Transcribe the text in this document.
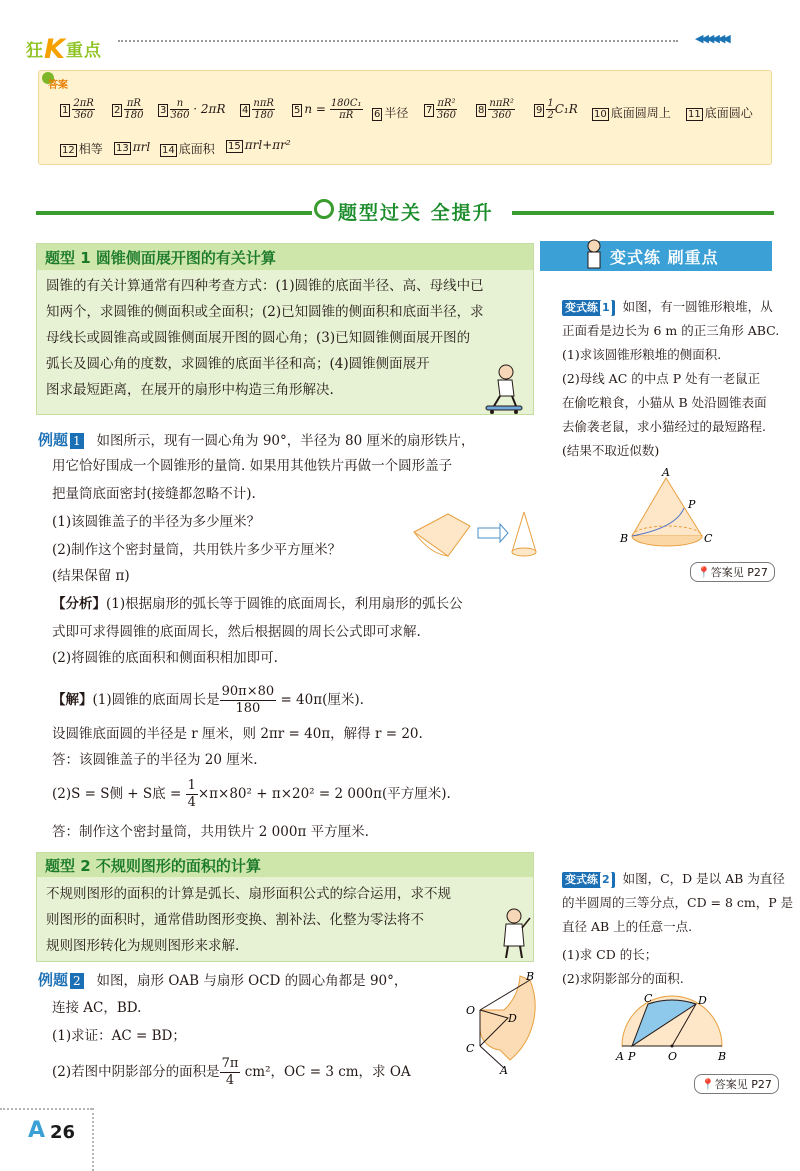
狂K重点
◀◀◀◀◀◀
答案
$1 \frac{2\pi R}{360} 2 \frac{\pi R}{180} 3 \frac{n}{360} \cdot 2\pi R$ $4 \frac{\text{nπR}}{180} 5$ $n = \frac{\text{180C₁}}{\pi R} 6$ 半径 $7 \frac{\text{πR²}}{360} 8 \frac{\text{nπR²}}{360} 9 \frac{1}{2}C_1R$ 10 底面圆周上 11 底面圆心
12 相等 13 πrl 14 底面积 15 πrl+πr²
题型过关 全提升
题型 1 圆锥侧面展开图的有关计算
圆锥的有关计算通常有四种考查方式：(1)圆锥的底面半径、高、母线中已
知两个，求圆锥的侧面积或全面积；(2)已知圆锥的侧面积和底面半径，求
母线长或圆锥高或圆锥侧面展开图的圆心角；(3)已知圆锥侧面展开图的
弧长及圆心角的度数，求圆锥的底面半径和高；(4)圆锥侧面展开
图求最短距离，在展开的扇形中构造三角形解决.
例题 1 如图所示，现有一圆心角为 90°，半径为 80 厘米的扇形铁片，
用它恰好围成一个圆锥形的量筒. 如果用其他铁片再做一个圆形盖子
把量筒底面密封(接缝都忽略不计).
(1)该圆锥盖子的半径为多少厘米？
(2)制作这个密封量筒，共用铁片多少平方厘米？
(结果保留 π)
【分析】(1)根据扇形的弧长等于圆锥的底面周长，利用扇形的弧长公
式即可求得圆锥的底面周长，然后根据圆的周长公式即可求解.
(2)将圆锥的底面积和侧面积相加即可.
【解】(1)圆锥的底面周长是 $\frac{90\pi\times 80}{180} = 40\pi$(厘米).
设圆锥底面圆的半径是 r 厘米，则 2πr = 40π，解得 r = 20.
答：该圆锥盖子的半径为 20 厘米.
(2)S = S侧 + S底 = $\frac{1}{4}\times\pi\times 80^2 + \pi\times 20^2 = 2$ 000π(平方厘米).
答：制作这个密封量筒，共用铁片 2 000π 平方厘米.
题型 2 不规则图形的面积的计算
不规则图形的面积的计算是弧长、扇形面积公式的综合运用，求不规
则图形的面积时，通常借助图形变换、割补法、化整为零法将不
规则图形转化为规则图形来求解.
例题 2 如图，扇形 OAB 与扇形 OCD 的圆心角都是 90°，
连接 AC，BD.
(1)求证：AC = BD；
(2)若图中阴影部分的面积是 $\frac{7\pi}{4} cm^2$，OC = 3 cm，求 OA
B
O
D
C
A
变式练 刷重点
变式练 1 如图，有一圆锥形粮堆，从
正面看是边长为 6 m 的正三角形 ABC.
(1)求该圆锥形粮堆的侧面积.
(2)母线 AC 的中点 P 处有一老鼠正
在偷吃粮食，小猫从 B 处沿圆锥表面
去偷袭老鼠，求小猫经过的最短路程.
(结果不取近似数)
A
P
B	C
📍答案见 P27
变式练 2 如图，C，D 是以 AB 为直径
的半圆周的三等分点，CD = 8 cm，P 是
直径 AB 上的任意一点.
(1)求 CD 的长；
(2)求阴影部分的面积.
C	D
A P	O	B
📍答案见 P27
A 26
